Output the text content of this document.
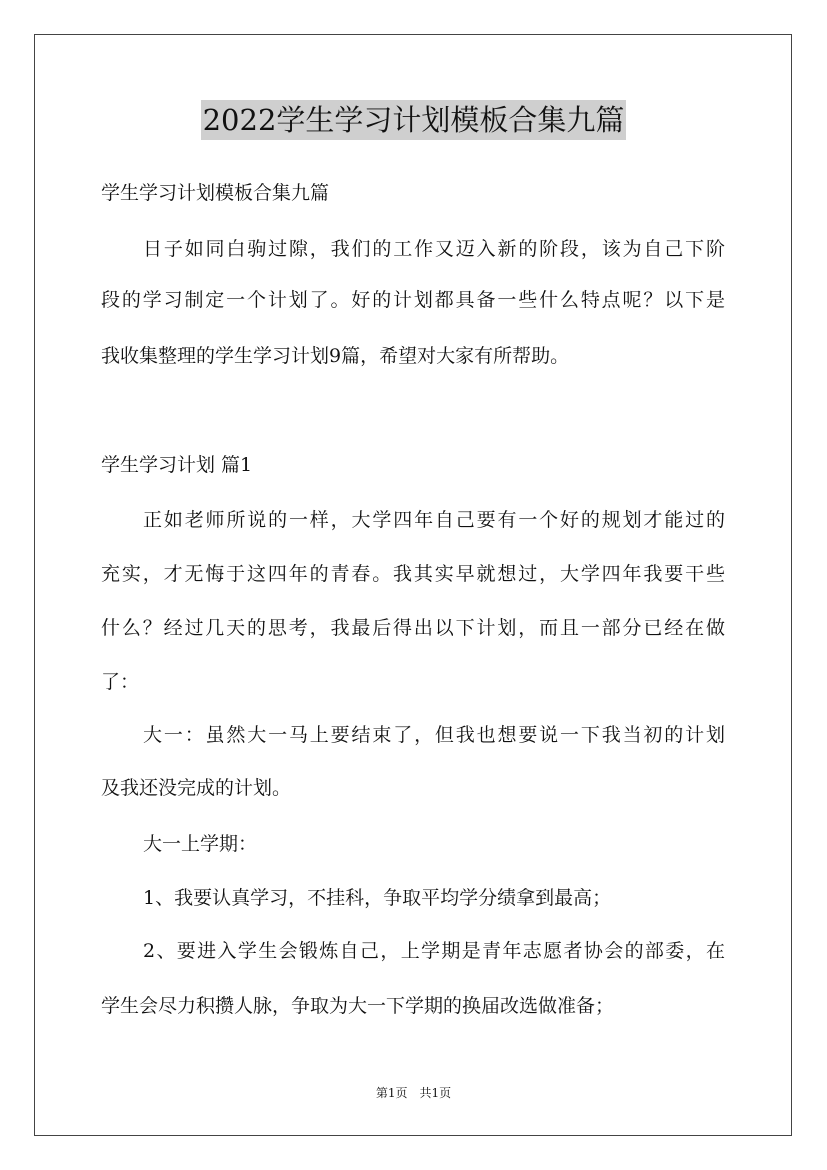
2022学生学习计划模板合集九篇

学生学习计划模板合集九篇

日子如同白驹过隙，我们的工作又迈入新的阶段，该为自己下阶

段的学习制定一个计划了。好的计划都具备一些什么特点呢？以下是

我收集整理的学生学习计划9篇，希望对大家有所帮助。

学生学习计划 篇1

正如老师所说的一样，大学四年自己要有一个好的规划才能过的

充实，才无悔于这四年的青春。我其实早就想过，大学四年我要干些

什么？经过几天的思考，我最后得出以下计划，而且一部分已经在做

了：

大一：虽然大一马上要结束了，但我也想要说一下我当初的计划

及我还没完成的计划。

大一上学期：

1、我要认真学习，不挂科，争取平均学分绩拿到最高；

2、要进入学生会锻炼自己，上学期是青年志愿者协会的部委，在

学生会尽力积攒人脉，争取为大一下学期的换届改选做准备；

第1页　共1页
